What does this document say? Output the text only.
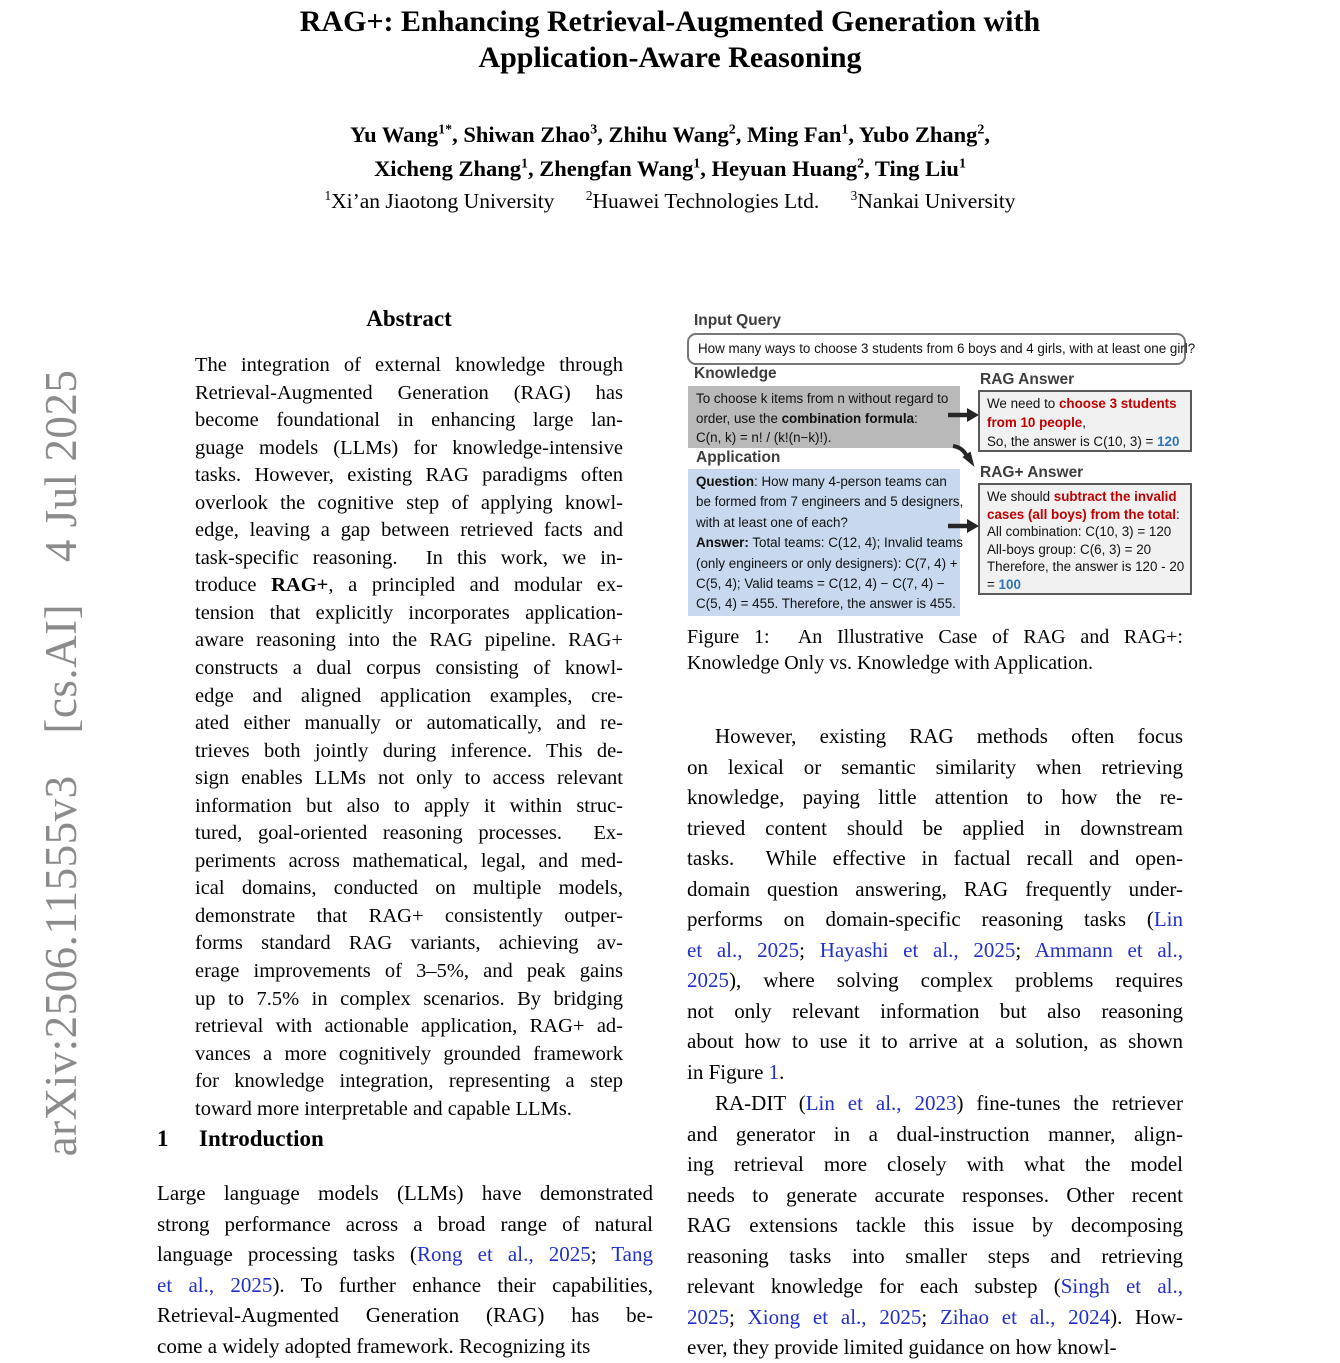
arXiv:2506.11555v3 [cs.AI] 4 Jul 2025
RAG+: Enhancing Retrieval-Augmented Generation with
Application-Aware Reasoning
Yu Wang$^{1*}$, Shiwan Zhao$^3$, Zhihu Wang$^2$, Ming Fan$^1$, Yubo Zhang$^2$,
Xicheng Zhang$^1$, Zhengfan Wang$^1$, Heyuan Huang$^2$, Ting Liu$^1$
$^1$Xi’an Jiaotong University $^2$Huawei Technologies Ltd. $^3$Nankai University
Abstract
The integration of external knowledge through
Retrieval-Augmented Generation (RAG) has
become foundational in enhancing large lan-
guage models (LLMs) for knowledge-intensive
tasks. However, existing RAG paradigms often
overlook the cognitive step of applying knowl-
edge, leaving a gap between retrieved facts and
task-specific reasoning.  In this work, we in-
troduce RAG+, a principled and modular ex-
tension that explicitly incorporates application-
aware reasoning into the RAG pipeline. RAG+
constructs a dual corpus consisting of knowl-
edge and aligned application examples, cre-
ated either manually or automatically, and re-
trieves both jointly during inference. This de-
sign enables LLMs not only to access relevant
information but also to apply it within struc-
tured, goal-oriented reasoning processes.  Ex-
periments across mathematical, legal, and med-
ical domains, conducted on multiple models,
demonstrate that RAG+ consistently outper-
forms standard RAG variants, achieving av-
erage improvements of 3–5%, and peak gains
up to 7.5% in complex scenarios. By bridging
retrieval with actionable application, RAG+ ad-
vances a more cognitively grounded framework
for knowledge integration, representing a step
toward more interpretable and capable LLMs.
1 Introduction
Large language models (LLMs) have demonstrated
strong performance across a broad range of natural
language processing tasks (Rong et al., 2025; Tang
et al., 2025). To further enhance their capabilities,
Retrieval-Augmented Generation (RAG) has be-
come a widely adopted framework. Recognizing its
Input Query
How many ways to choose 3 students from 6 boys and 4 girls, with at least one girl?
Knowledge
To choose k items from n without regard to
order, use the combination formula:
C(n, k) = n! / (k!(n−k)!).
RAG Answer
We need to choose 3 students
from 10 people,
So, the answer is C(10, 3) = 120
Application
Question: How many 4-person teams can
be formed from 7 engineers and 5 designers,
with at least one of each?
Answer: Total teams: C(12, 4); Invalid teams
(only engineers or only designers): C(7, 4) +
C(5, 4); Valid teams = C(12, 4) − C(7, 4) −
C(5, 4) = 455. Therefore, the answer is 455.
RAG+ Answer
We should subtract the invalid
cases (all boys) from the total:
All combination: C(10, 3) = 120
All-boys group: C(6, 3) = 20
Therefore, the answer is 120 - 20
= 100
Figure 1:  An Illustrative Case of RAG and RAG+:
Knowledge Only vs. Knowledge with Application.
However, existing RAG methods often focus
on lexical or semantic similarity when retrieving
knowledge, paying little attention to how the re-
trieved content should be applied in downstream
tasks.  While effective in factual recall and open-
domain question answering, RAG frequently under-
performs on domain-specific reasoning tasks (Lin
et al., 2025; Hayashi et al., 2025; Ammann et al.,
2025), where solving complex problems requires
not only relevant information but also reasoning
about how to use it to arrive at a solution, as shown
in Figure 1.
RA-DIT (Lin et al., 2023) fine-tunes the retriever
and generator in a dual-instruction manner, align-
ing retrieval more closely with what the model
needs to generate accurate responses. Other recent
RAG extensions tackle this issue by decomposing
reasoning tasks into smaller steps and retrieving
relevant knowledge for each substep (Singh et al.,
2025; Xiong et al., 2025; Zihao et al., 2024). How-
ever, they provide limited guidance on how knowl-
